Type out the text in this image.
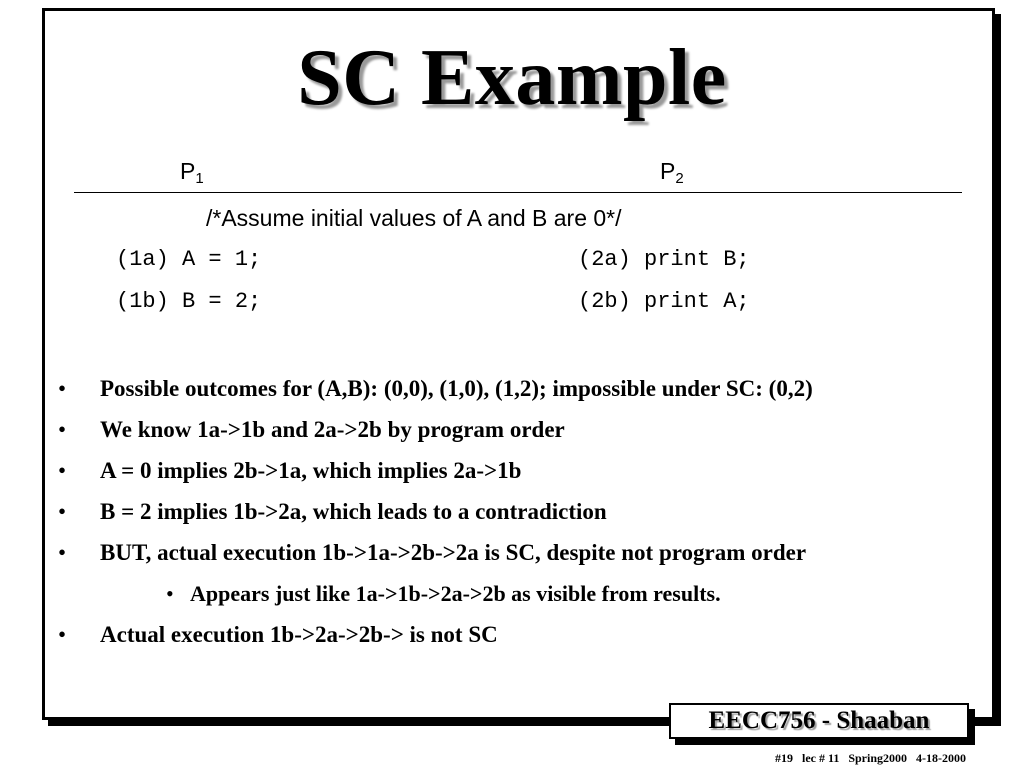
SC Example
$P_1$	$P_2$
/*Assume initial values of A and B are 0*/
(1a) A = 1;
(1b) B = 2;
(2a) print B;
(2b) print A;
• Possible outcomes for (A,B): (0,0), (1,0), (1,2); impossible under SC: (0,2)
• We know 1a->1b and 2a->2b by program order
• A = 0 implies 2b->1a, which implies 2a->1b
• B = 2 implies 1b->2a, which leads to a contradiction
• BUT, actual execution 1b->1a->2b->2a is SC, despite not program order
• Appears just like 1a->1b->2a->2b as visible from results.
• Actual execution 1b->2a->2b-> is not SC
EECC756 - Shaaban
#19   lec # 11   Spring2000   4-18-2000
